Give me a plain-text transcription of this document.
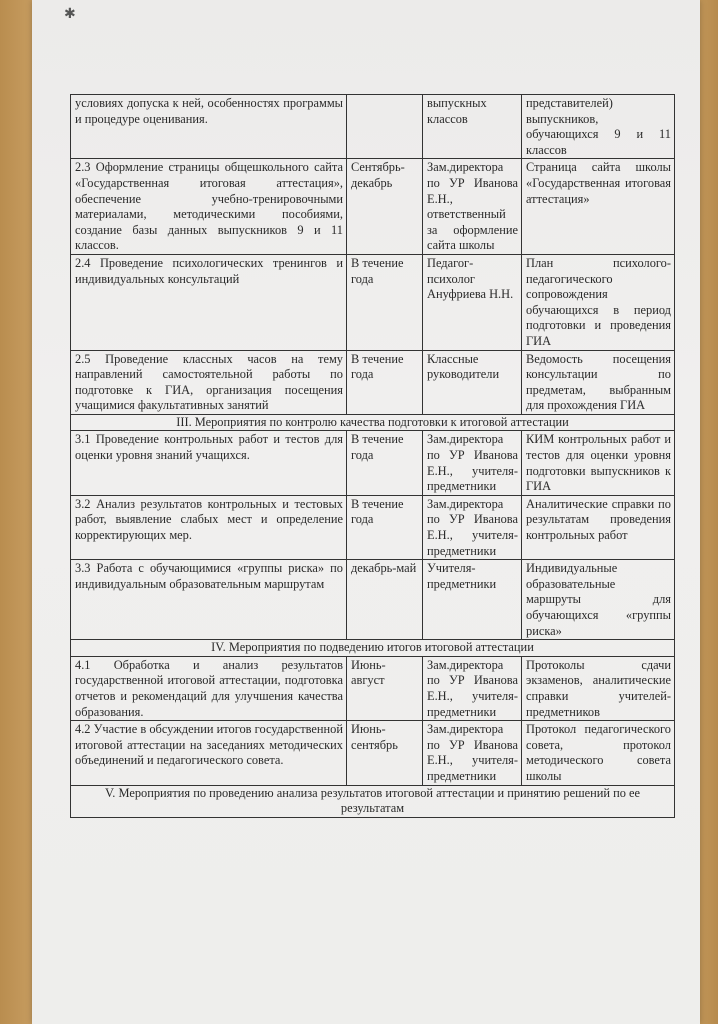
✱
условиях допуска к ней, особенностях программы и процедуре оценивания.		выпускных классов	представителей) выпускников, обучающихся 9 и 11 классов
2.3 Оформление страницы общешкольного сайта «Государственная итоговая аттестация», обеспечение учебно-тренировочными материалами, методическими пособиями, создание базы данных выпускников 9 и 11 классов.	Сентябрь-декабрь	Зам.директора по УР Иванова Е.Н., ответственный за оформление сайта школы	Страница сайта школы «Государственная итоговая аттестация»
2.4 Проведение психологических тренингов и индивидуальных консультаций	В течение года	Педагог-психолог Ануфриева Н.Н.	План психолого-педагогического сопровождения обучающихся в период подготовки и проведения ГИА
2.5 Проведение классных часов на тему направлений самостоятельной работы по подготовке к ГИА, организация посещения учащимися факультативных занятий	В течение года	Классные руководители	Ведомость посещения консультации по предметам, выбранным для прохождения ГИА
III. Мероприятия по контролю качества подготовки к итоговой аттестации			
3.1 Проведение контрольных работ и тестов для оценки уровня знаний учащихся.	В течение года	Зам.директора по УР Иванова Е.Н., учителя-предметники	КИМ контрольных работ и тестов для оценки уровня подготовки выпускников к ГИА
3.2 Анализ результатов контрольных и тестовых работ, выявление слабых мест и определение корректирующих мер.	В течение года	Зам.директора по УР Иванова Е.Н., учителя-предметники	Аналитические справки по результатам проведения контрольных работ
3.3 Работа с обучающимися «группы риска» по индивидуальным образовательным маршрутам	декабрь-май	Учителя-предметники	Индивидуальные образовательные маршруты для обучающихся «группы риска»
IV. Мероприятия по подведению итогов итоговой аттестации			
4.1 Обработка и анализ результатов государственной итоговой аттестации, подготовка отчетов и рекомендаций для улучшения качества образования.	Июнь-август	Зам.директора по УР Иванова Е.Н., учителя-предметники	Протоколы сдачи экзаменов, аналитические справки учителей-предметников
4.2 Участие в обсуждении итогов государственной итоговой аттестации на заседаниях методических объединений и педагогического совета.	Июнь-сентябрь	Зам.директора по УР Иванова Е.Н., учителя-предметники	Протокол педагогического совета, протокол методического совета школы
V. Мероприятия по проведению анализа результатов итоговой аттестации и принятию решений по ее результатам			
